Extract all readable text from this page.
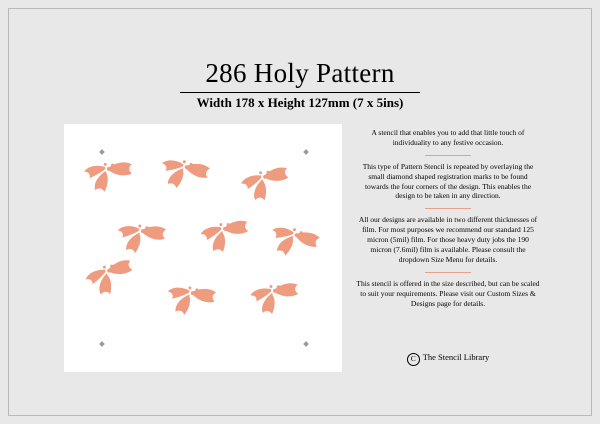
286 Holy Pattern
Width 178 x Height 127mm (7 x 5ins)

A stencil that enables you to add that little touch of individuality to any festive occasion.

This type of Pattern Stencil is repeated by overlaying the small diamond shaped registration marks to be found towards the four corners of the design. This enables the design to be taken in any direction.

All our designs are available in two different thicknesses of film. For most purposes we recommend our standard 125 micron (5mil) film. For those heavy duty jobs the 190 micron (7.6mil) film is available. Please consult the dropdown Size Menu for details.

This stencil is offered in the size described, but can be scaled to suit your requirements. Please visit our Custom Sizes & Designs page for details.

C The Stencil Library
